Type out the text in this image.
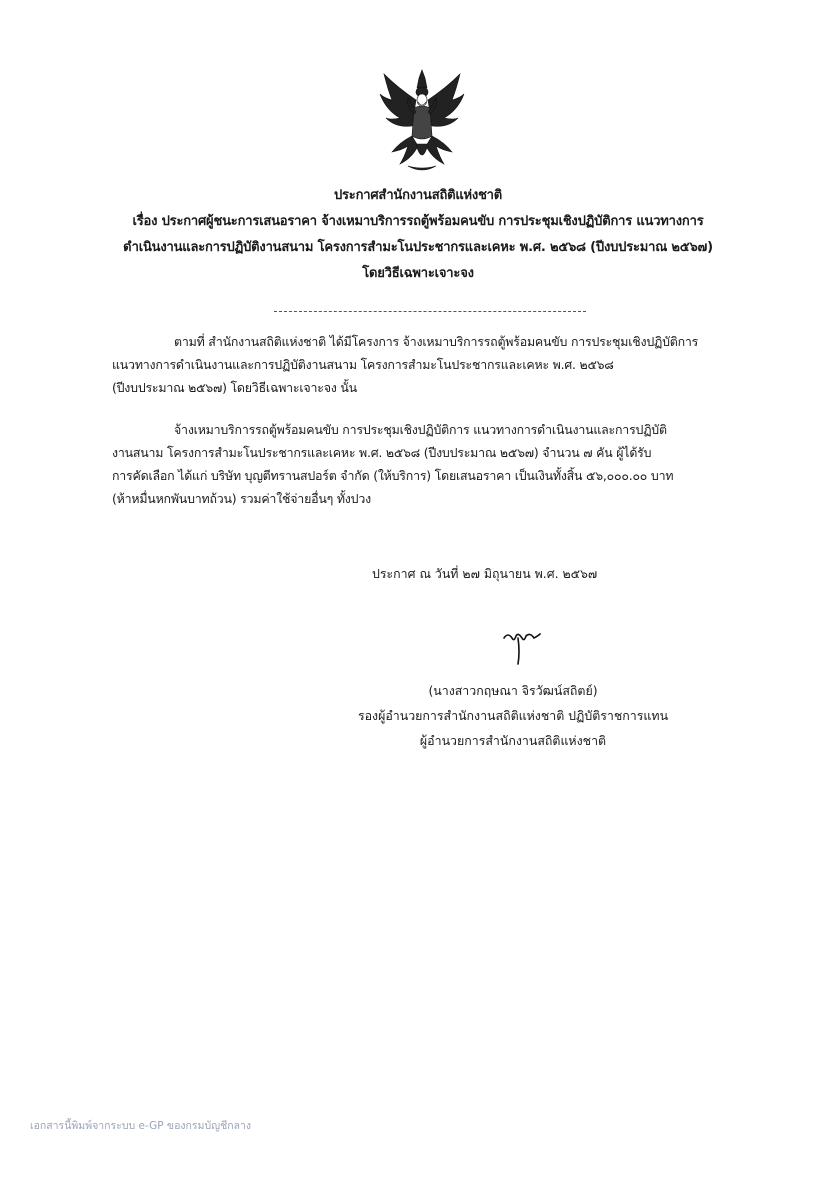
ประกาศสำนักงานสถิติแห่งชาติ
เรื่อง ประกาศผู้ชนะการเสนอราคา จ้างเหมาบริการรถตู้พร้อมคนขับ การประชุมเชิงปฏิบัติการ แนวทางการ
ดำเนินงานและการปฏิบัติงานสนาม โครงการสำมะโนประชากรและเคหะ พ.ศ. ๒๕๖๘ (ปีงบประมาณ ๒๕๖๗)
โดยวิธีเฉพาะเจาะจง
ตามที่ สำนักงานสถิติแห่งชาติ ได้มีโครงการ จ้างเหมาบริการรถตู้พร้อมคนขับ การประชุมเชิงปฏิบัติการ
แนวทางการดำเนินงานและการปฏิบัติงานสนาม โครงการสำมะโนประชากรและเคหะ พ.ศ. ๒๕๖๘
(ปีงบประมาณ ๒๕๖๗) โดยวิธีเฉพาะเจาะจง นั้น
จ้างเหมาบริการรถตู้พร้อมคนขับ การประชุมเชิงปฏิบัติการ แนวทางการดำเนินงานและการปฏิบัติ
งานสนาม โครงการสำมะโนประชากรและเคหะ พ.ศ. ๒๕๖๘ (ปีงบประมาณ ๒๕๖๗) จำนวน ๗ คัน ผู้ได้รับ
การคัดเลือก ได้แก่ บริษัท บุญตีทรานสปอร์ต จำกัด (ให้บริการ) โดยเสนอราคา เป็นเงินทั้งสิ้น ๕๖,๐๐๐.๐๐ บาท
(ห้าหมื่นหกพันบาทถ้วน) รวมค่าใช้จ่ายอื่นๆ ทั้งปวง
ประกาศ ณ วันที่ ๒๗ มิถุนายน พ.ศ. ๒๕๖๗
(นางสาวกฤษณา จิรวัฒน์สถิตย์)
รองผู้อำนวยการสำนักงานสถิติแห่งชาติ ปฏิบัติราชการแทน
ผู้อำนวยการสำนักงานสถิติแห่งชาติ
เอกสารนี้พิมพ์จากระบบ e-GP ของกรมบัญชีกลาง
